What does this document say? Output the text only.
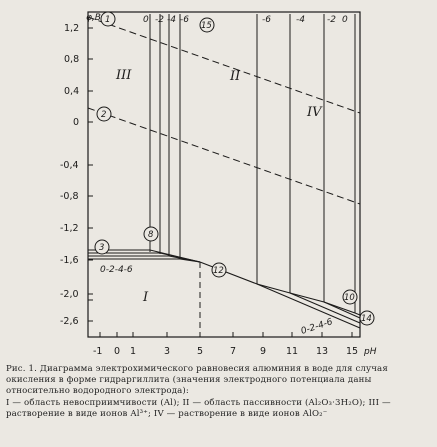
1,2
0,8
0,4
0
-0,4
-0,8
-1,2
-1,6
-2,0
-2,6
φ,B
-1 0 1	3	5	7	9 11 13 15 pH
0 -2 -4 -6	-6	-4 -2 0
0-2-4-6
0-2-4-6
III	II
IV
I
1
2
3
8
15
12
10
14

Рис. 1. Диаграмма электрохимического равновесия алюминия в воде для случая окисления в форме гидраргиллита (значения электродного потенциала даны относительно водородного электрода):

I — область невосприимчивости (Al); II — область пассивности (Al₂O₃·3H₂O); III — растворение в виде ионов Al³⁺; IV — растворение в виде ионов AlO₂⁻
